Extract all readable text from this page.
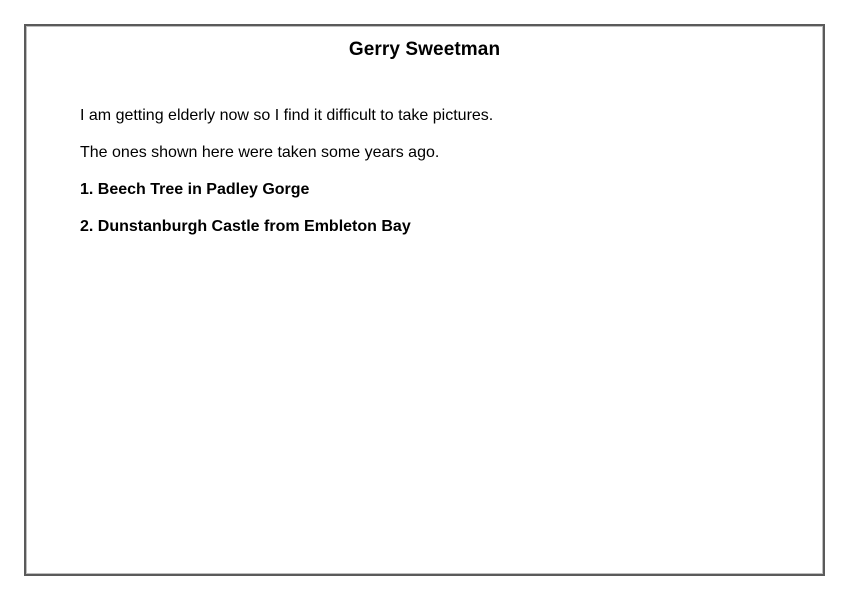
Gerry Sweetman
I am getting elderly now so I find it difficult to take pictures.
The ones shown here were taken some years ago.
1. Beech Tree in Padley Gorge
2. Dunstanburgh Castle from Embleton Bay
